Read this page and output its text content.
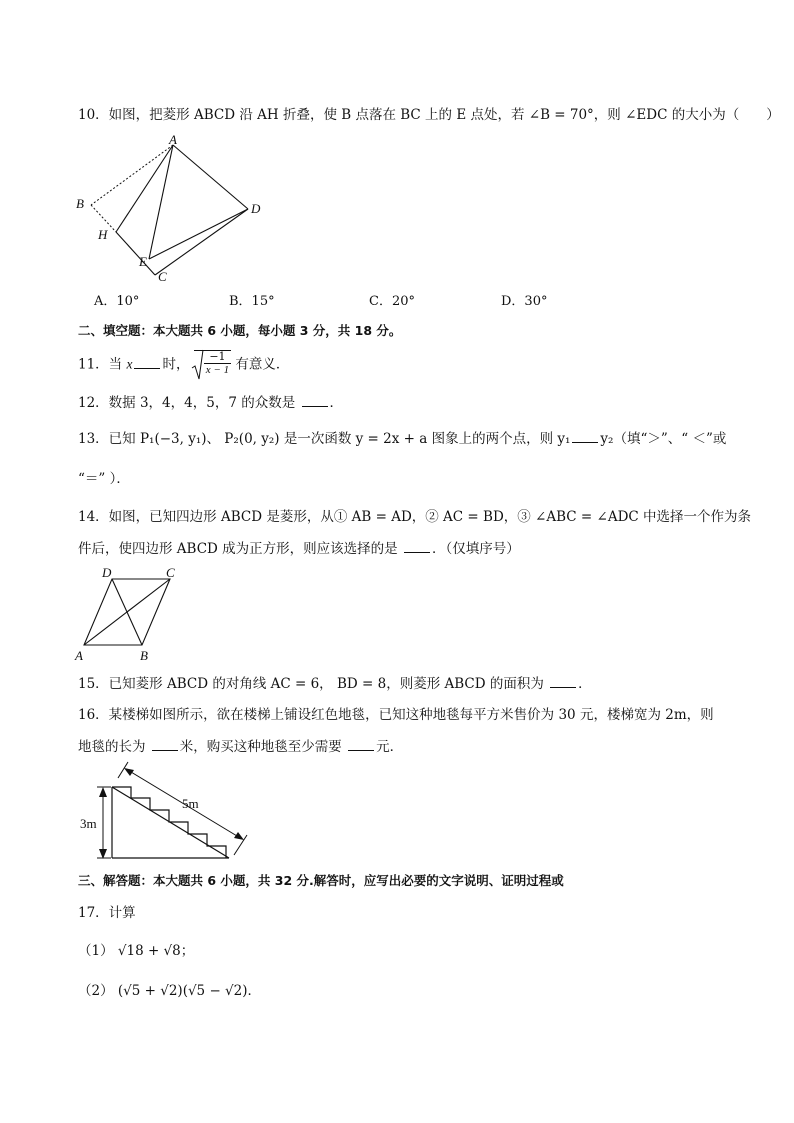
10．如图，把菱形 ABCD 沿 AH 折叠，使 B 点落在 BC 上的 E 点处，若 ∠B = 70°，则 ∠EDC 的大小为（　　）
A
B
H
D
E
C
A．10°	B．15°	C．20°	D．30°
二、填空题：本大题共 6 小题，每小题 3 分，共 18 分。
11．当 x 时， $\frac{-1}{x - 1}$ 有意义．
12．数据 3，4，4，5，7 的众数是	．
13．已知 P₁(−3, y₁)、 P₂(0, y₂) 是一次函数 y = 2x + a 图象上的两个点，则 y₁ y₂（填“＞”、“ ＜”或
“＝” ）．
14．如图，已知四边形 ABCD 是菱形，从① AB = AD，② AC = BD，③ ∠ABC = ∠ADC 中选择一个作为条
件后，使四边形 ABCD 成为正方形，则应该选择的是	．（仅填序号）
A	B
C
D
15．已知菱形 ABCD 的对角线 AC = 6， BD = 8，则菱形 ABCD 的面积为	．
16．某楼梯如图所示，欲在楼梯上铺设红色地毯，已知这种地毯每平方米售价为 30 元，楼梯宽为 2m，则
地毯的长为	米，购买这种地毯至少需要	元．
3m
5m
三、解答题：本大题共 6 小题，共 32 分.解答时，应写出必要的文字说明、证明过程或
17．计算
（1） √18 + √8；
（2） (√5 + √2)(√5 − √2)．
